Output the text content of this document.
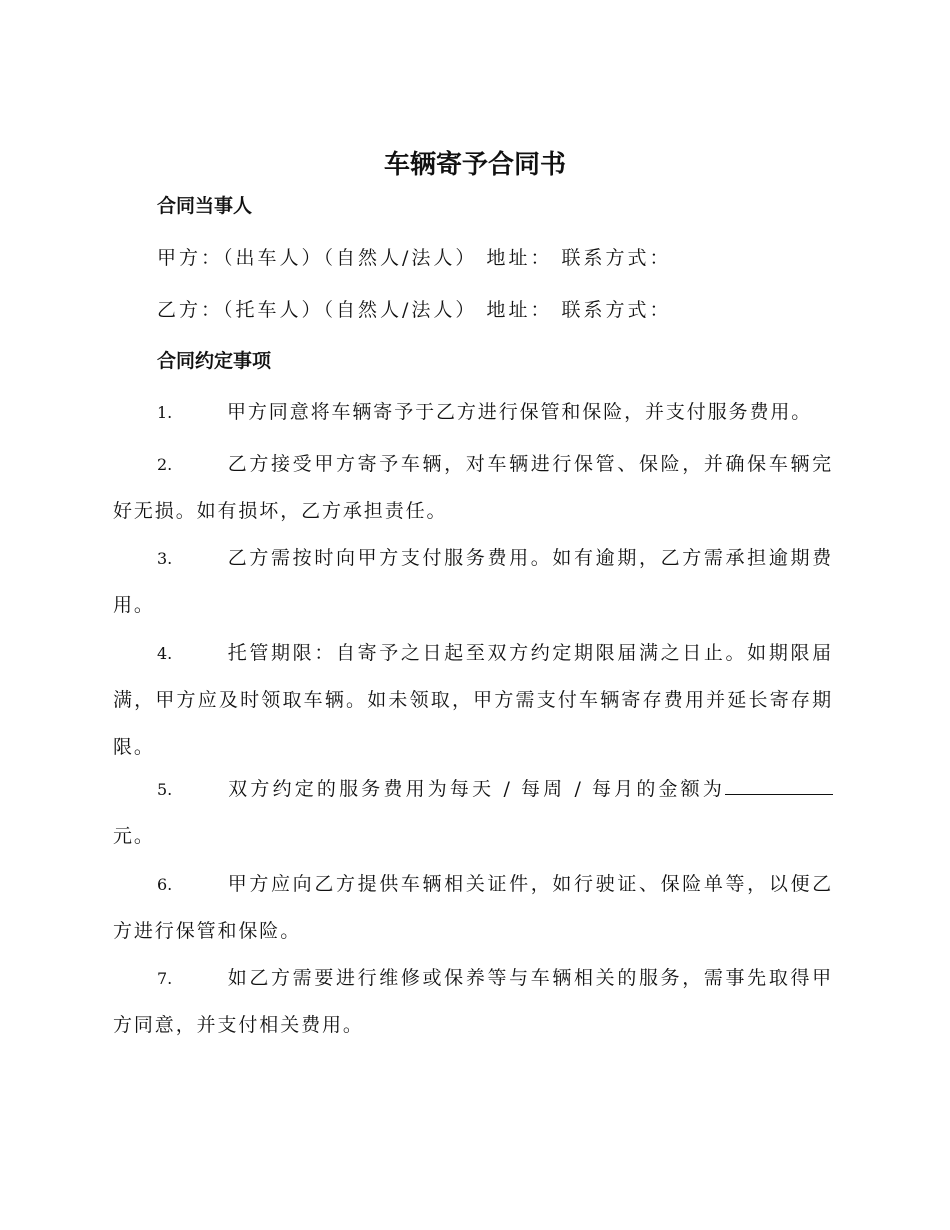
车辆寄予合同书
合同当事人
甲方：（出车人）（自然人/法人） 地址： 联系方式：
乙方：（托车人）（自然人/法人） 地址： 联系方式：
合同约定事项
1.	甲方同意将车辆寄予于乙方进行保管和保险，并支付服务费用。
2.	乙方接受甲方寄予车辆，对车辆进行保管、保险，并确保车辆完好无损。如有损坏，乙方承担责任。
3.	乙方需按时向甲方支付服务费用。如有逾期，乙方需承担逾期费用。
4.	托管期限：自寄予之日起至双方约定期限届满之日止。如期限届满，甲方应及时领取车辆。如未领取，甲方需支付车辆寄存费用并延长寄存期限。
5.	双方约定的服务费用为每天 / 每周 / 每月的金额为元。
6.	甲方应向乙方提供车辆相关证件，如行驶证、保险单等，以便乙方进行保管和保险。
7.	如乙方需要进行维修或保养等与车辆相关的服务，需事先取得甲方同意，并支付相关费用。
